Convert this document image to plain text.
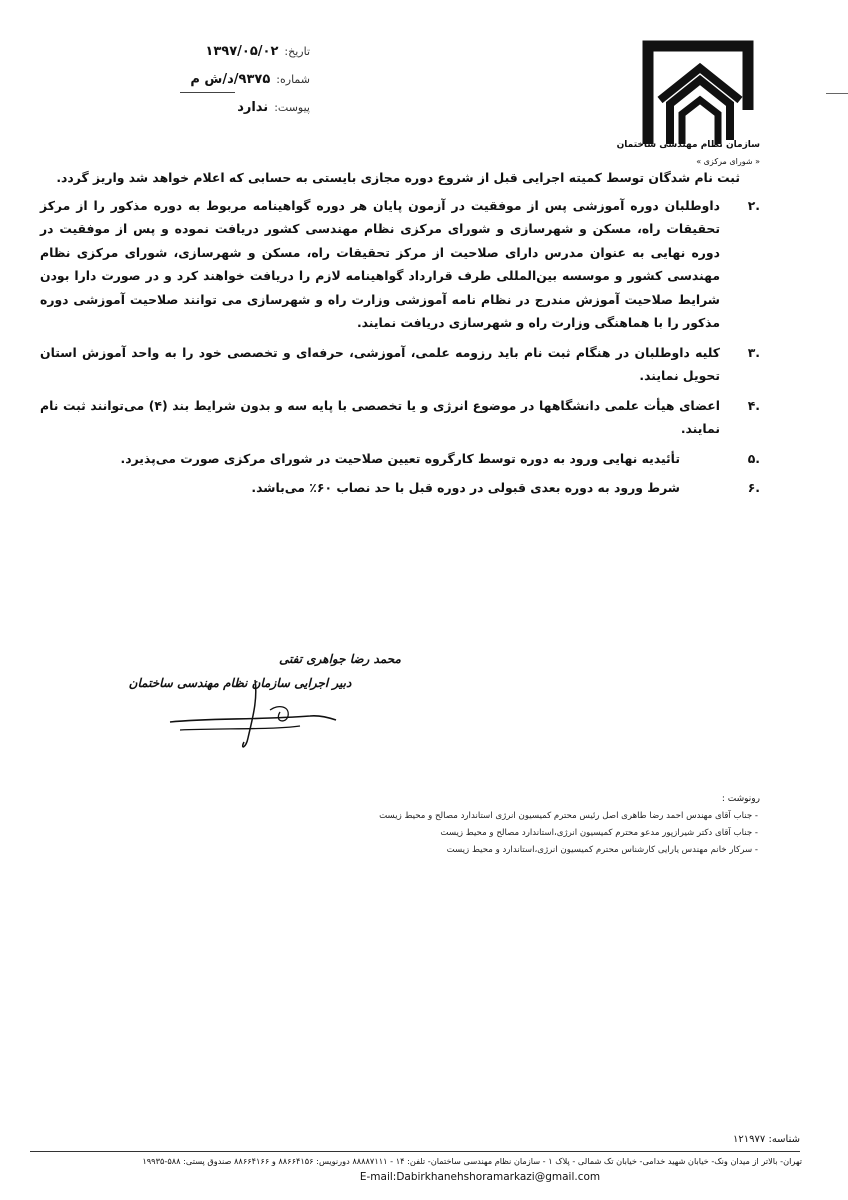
سازمان نظام مهندسی ساختمان
« شورای مرکزی »
تاریخ:
۱۳۹۷/۰۵/۰۲
شماره:
۹۳۷۵/د/ش م
پیوست:
ندارد

ثبت نام شدگان توسط کمیته اجرایی قبل از شروع دوره مجازی بایستی به حسابی که اعلام خواهد شد واریز گردد.

.۲
داوطلبان دوره آموزشی پس از موفقیت در آزمون پایان هر دوره گواهینامه مربوط به دوره مذکور را از مرکز تحقیقات راه، مسکن و شهرسازی و شورای مرکزی نظام مهندسی کشور دریافت نموده و پس از موفقیت در دوره نهایی به عنوان مدرس دارای صلاحیت از مرکز تحقیقات راه، مسکن و شهرسازی، شورای مرکزی نظام مهندسی کشور و موسسه بین‌المللی طرف قرارداد گواهینامه لازم را دریافت خواهند کرد و در صورت دارا بودن شرایط صلاحیت آموزش مندرج در نظام نامه آموزشی وزارت راه و شهرسازی می توانند صلاحیت آموزشی دوره مذکور را با هماهنگی وزارت راه و شهرسازی دریافت نمایند.

.۳
کلیه داوطلبان در هنگام ثبت نام باید رزومه علمی، آموزشی، حرفه‌ای و تخصصی خود را به واحد آموزش استان تحویل نمایند.

.۴
اعضای هیأت علمی دانشگاهها در موضوع انرژی و یا تخصصی با پایه سه و بدون شرایط بند (۴) می‌توانند ثبت نام نمایند.

.۵
تأئیدیه نهایی ورود به دوره توسط کارگروه تعیین صلاحیت در شورای مرکزی صورت می‌پذیرد.

.۶
شرط ورود به دوره بعدی قبولی در دوره قبل با حد نصاب ۶۰٪ می‌باشد.

محمد رضا جواهری تفتی
دبیر اجرایی سازمان نظام مهندسی ساختمان
رونوشت :
- جناب آقای مهندس احمد رضا طاهری اصل رئیس محترم کمیسیون انرژی استاندارد مصالح و محیط زیست
- جناب آقای دکتر شیرازپور مدعو محترم کمیسیون انرژی،استاندارد مصالح و محیط زیست
- سرکار خانم مهندس یارایی کارشناس محترم کمیسیون انرژی،استاندارد و محیط زیست
شناسه: ۱۲۱۹۷۷
تهران- بالاتر از میدان ونک- خیابان شهید خدامی- خیابان تک شمالی - پلاک ۱ - سازمان نظام مهندسی ساختمان- تلفن: ۱۴ - ۸۸۸۸۷۱۱۱ دورنویس: ۸۸۶۶۴۱۵۶ و ۸۸۶۶۴۱۶۶ صندوق پستی: ۵۸۸-۱۹۹۳۵
E-mail:Dabirkhanehshoramarkazi@gmail.com
